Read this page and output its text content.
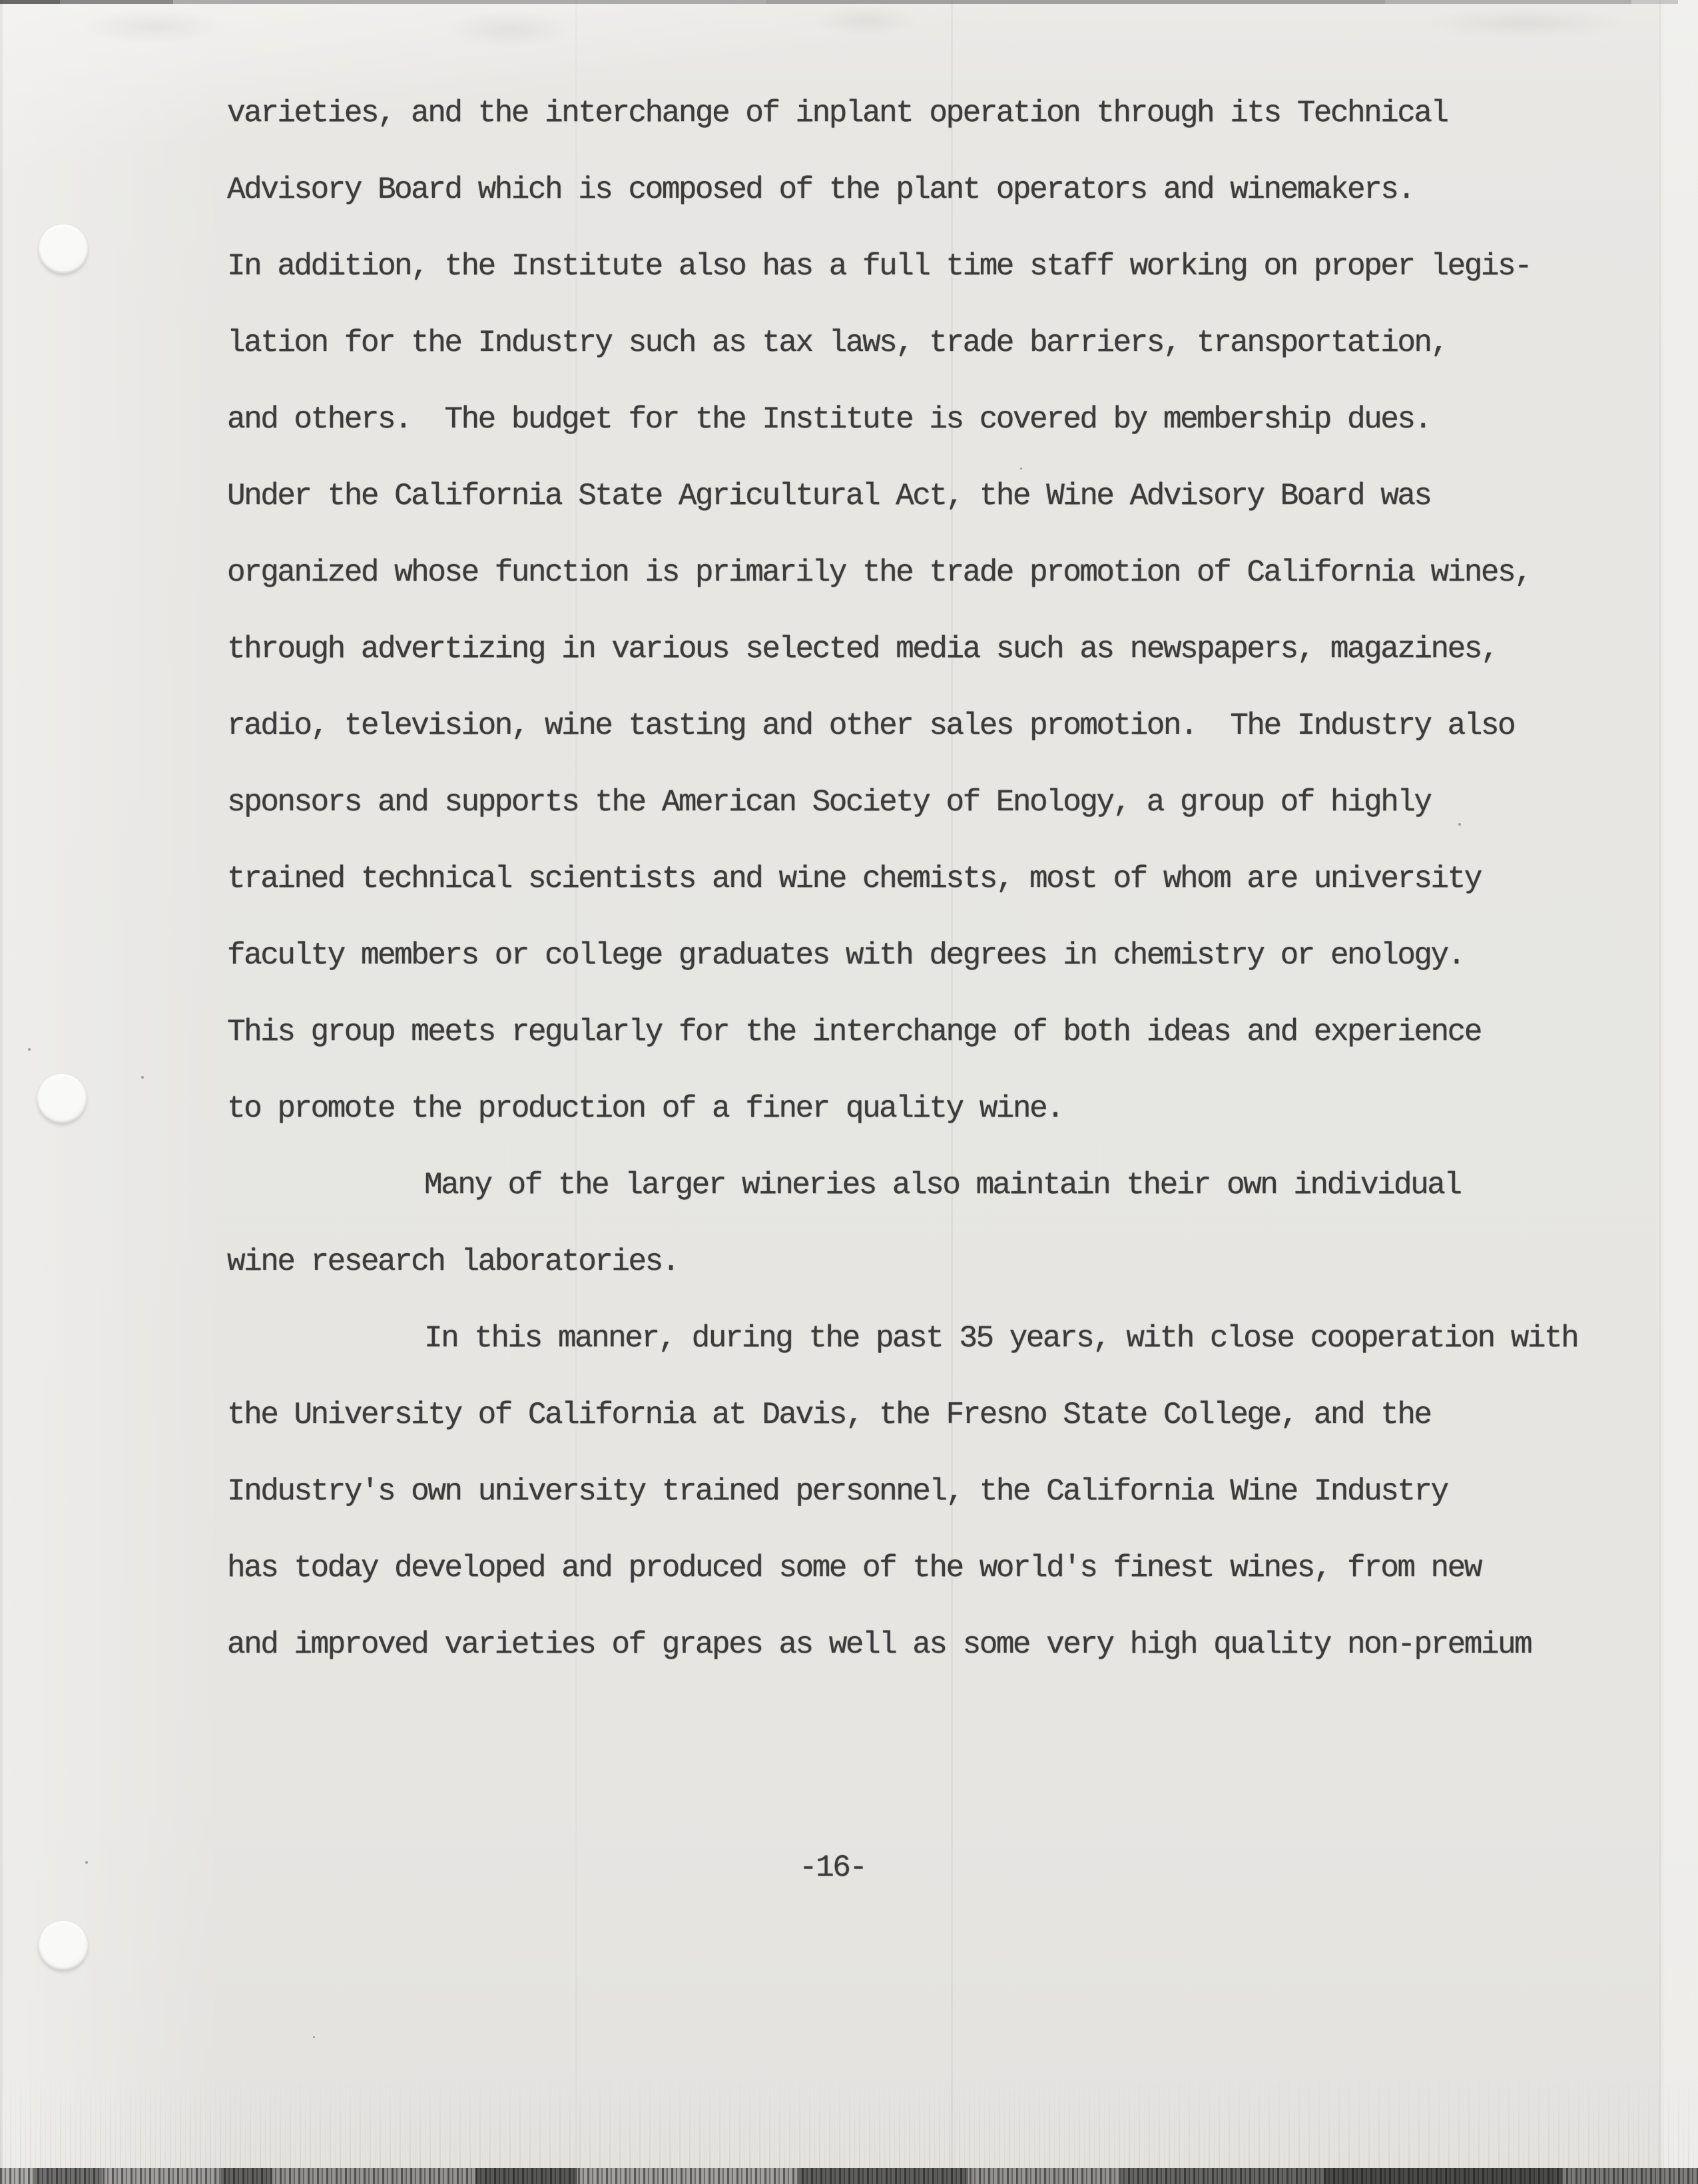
varieties, and the interchange of inplant operation through its Technical
Advisory Board which is composed of the plant operators and winemakers.
In addition, the Institute also has a full time staff working on proper legis-
lation for the Industry such as tax laws, trade barriers, transportation,
and others.  The budget for the Institute is covered by membership dues.
Under the California State Agricultural Act, the Wine Advisory Board was
organized whose function is primarily the trade promotion of California wines,
through advertizing in various selected media such as newspapers, magazines,
radio, television, wine tasting and other sales promotion.  The Industry also
sponsors and supports the American Society of Enology, a group of highly
trained technical scientists and wine chemists, most of whom are university
faculty members or college graduates with degrees in chemistry or enology.
This group meets regularly for the interchange of both ideas and experience
to promote the production of a finer quality wine.
Many of the larger wineries also maintain their own individual
wine research laboratories.
In this manner, during the past 35 years, with close cooperation with
the University of California at Davis, the Fresno State College, and the
Industry's own university trained personnel, the California Wine Industry
has today developed and produced some of the world's finest wines, from new
and improved varieties of grapes as well as some very high quality non-premium
-16-
